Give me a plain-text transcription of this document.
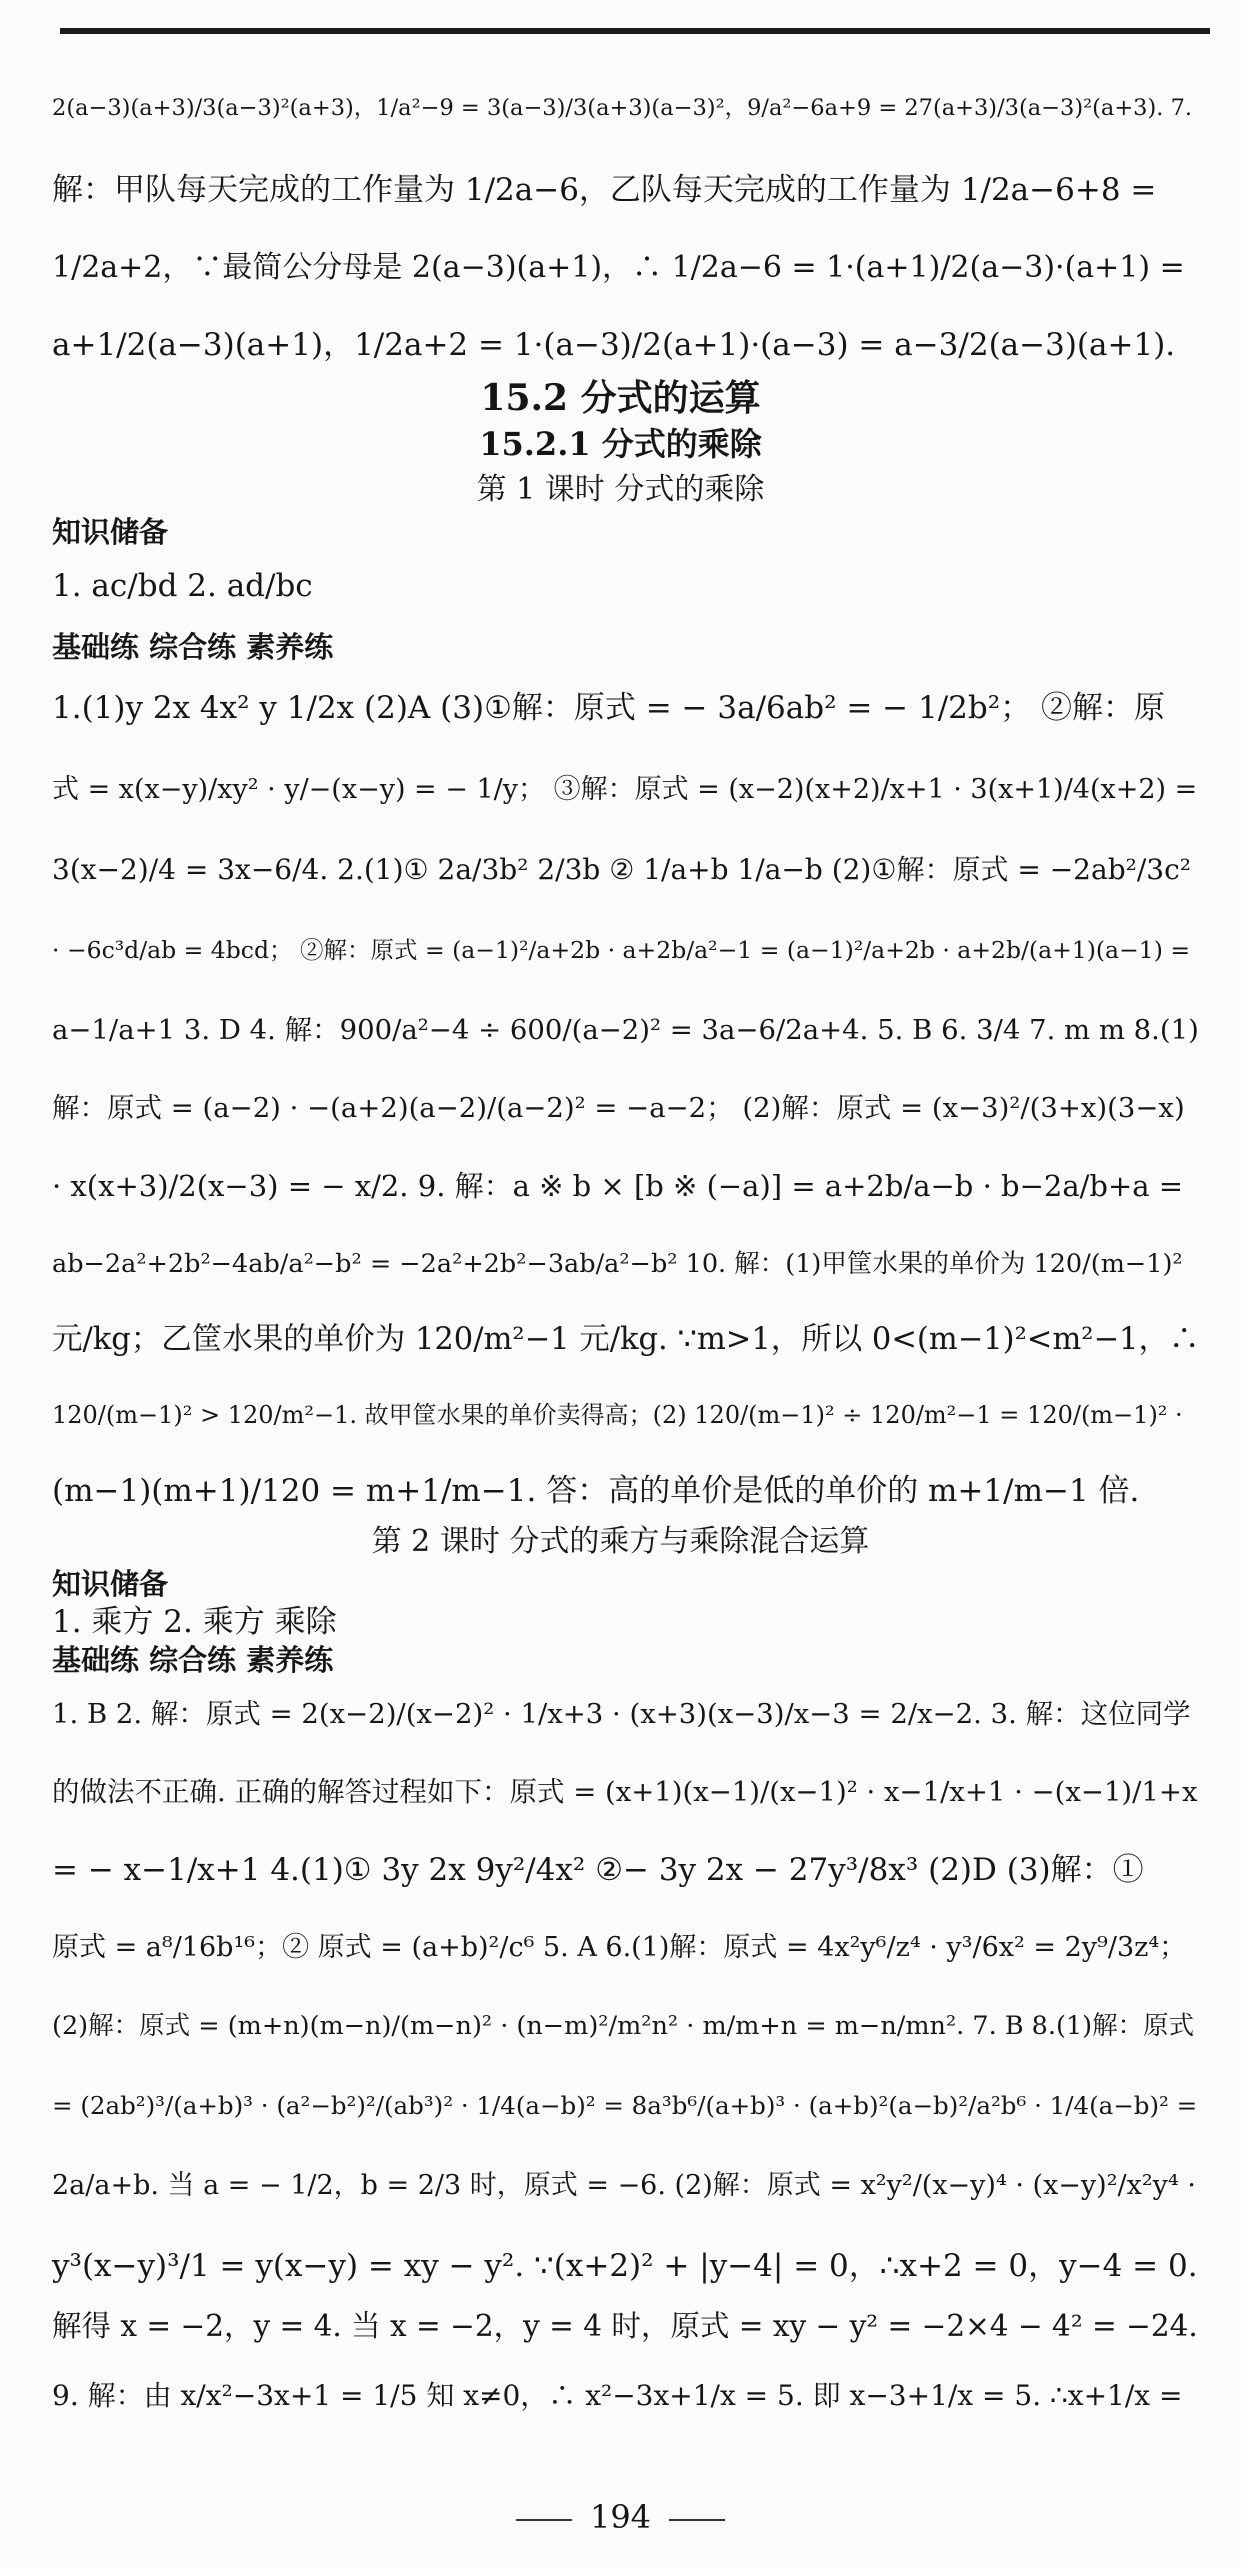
2(a−3)(a+3)/3(a−3)²(a+3)，1/a²−9 = 3(a−3)/3(a+3)(a−3)²，9/a²−6a+9 = 27(a+3)/3(a−3)²(a+3). 7.
解：甲队每天完成的工作量为 1/2a−6，乙队每天完成的工作量为 1/2a−6+8 =
1/2a+2，∵最简公分母是 2(a−3)(a+1)，∴ 1/2a−6 = 1·(a+1)/2(a−3)·(a+1) =
a+1/2(a−3)(a+1)，1/2a+2 = 1·(a−3)/2(a+1)·(a−3) = a−3/2(a−3)(a+1).
15.2 分式的运算
15.2.1 分式的乘除
第 1 课时 分式的乘除
知识储备
1. ac/bd 2. ad/bc
基础练 综合练 素养练
1.(1)y 2x 4x² y 1/2x (2)A (3)①解：原式 = − 3a/6ab² = − 1/2b²； ②解：原
式 = x(x−y)/xy² · y/−(x−y) = − 1/y； ③解：原式 = (x−2)(x+2)/x+1 · 3(x+1)/4(x+2) =
3(x−2)/4 = 3x−6/4. 2.(1)① 2a/3b² 2/3b ② 1/a+b 1/a−b (2)①解：原式 = −2ab²/3c²
· −6c³d/ab = 4bcd； ②解：原式 = (a−1)²/a+2b · a+2b/a²−1 = (a−1)²/a+2b · a+2b/(a+1)(a−1) =
a−1/a+1 3. D 4. 解：900/a²−4 ÷ 600/(a−2)² = 3a−6/2a+4. 5. B 6. 3/4 7. m m 8.(1)
解：原式 = (a−2) · −(a+2)(a−2)/(a−2)² = −a−2； (2)解：原式 = (x−3)²/(3+x)(3−x)
· x(x+3)/2(x−3) = − x/2. 9. 解：a ※ b × [b ※ (−a)] = a+2b/a−b · b−2a/b+a =
ab−2a²+2b²−4ab/a²−b² = −2a²+2b²−3ab/a²−b² 10. 解：(1)甲筐水果的单价为 120/(m−1)²
元/kg；乙筐水果的单价为 120/m²−1 元/kg. ∵m>1，所以 0<(m−1)²<m²−1，∴
120/(m−1)² > 120/m²−1. 故甲筐水果的单价卖得高；(2) 120/(m−1)² ÷ 120/m²−1 = 120/(m−1)² ·
(m−1)(m+1)/120 = m+1/m−1. 答：高的单价是低的单价的 m+1/m−1 倍.
第 2 课时 分式的乘方与乘除混合运算
知识储备
1. 乘方 2. 乘方 乘除
基础练 综合练 素养练
1. B 2. 解：原式 = 2(x−2)/(x−2)² · 1/x+3 · (x+3)(x−3)/x−3 = 2/x−2. 3. 解：这位同学
的做法不正确. 正确的解答过程如下：原式 = (x+1)(x−1)/(x−1)² · x−1/x+1 · −(x−1)/1+x
= − x−1/x+1 4.(1)① 3y 2x 9y²/4x² ②− 3y 2x − 27y³/8x³ (2)D (3)解：①
原式 = a⁸/16b¹⁶；② 原式 = (a+b)²/c⁶ 5. A 6.(1)解：原式 = 4x²y⁶/z⁴ · y³/6x² = 2y⁹/3z⁴；
(2)解：原式 = (m+n)(m−n)/(m−n)² · (n−m)²/m²n² · m/m+n = m−n/mn². 7. B 8.(1)解：原式
= (2ab²)³/(a+b)³ · (a²−b²)²/(ab³)² · 1/4(a−b)² = 8a³b⁶/(a+b)³ · (a+b)²(a−b)²/a²b⁶ · 1/4(a−b)² =
2a/a+b. 当 a = − 1/2，b = 2/3 时，原式 = −6. (2)解：原式 = x²y²/(x−y)⁴ · (x−y)²/x²y⁴ ·
y³(x−y)³/1 = y(x−y) = xy − y². ∵(x+2)² + |y−4| = 0，∴x+2 = 0，y−4 = 0.
解得 x = −2，y = 4. 当 x = −2，y = 4 时，原式 = xy − y² = −2×4 − 4² = −24.
9. 解：由 x/x²−3x+1 = 1/5 知 x≠0，∴ x²−3x+1/x = 5. 即 x−3+1/x = 5. ∴x+1/x =
194
